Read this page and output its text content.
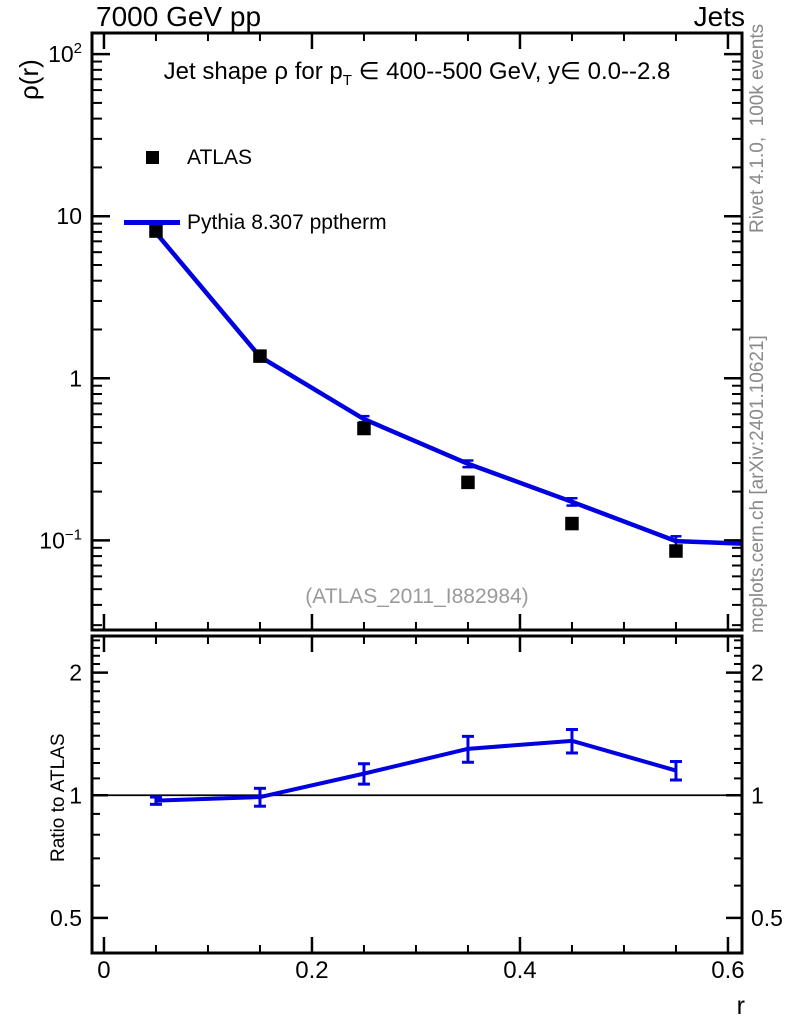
0	0.2	0.4	0.6
$10^2$
10
1
$10^{-1}$
0.5	0.5
1	1
2	2
7000 GeV pp	Jets
Jet shape ρ for $p_T$ ∈ 400--500 GeV, y∈ 0.0--2.8

ATLAS

Pythia 8.307 pptherm

(ATLAS_2011_I882984)
ρ(r)
Ratio to ATLAS
Rivet 4.1.0,  100k events
mcplots.cern.ch [arXiv:2401.10621]
r
